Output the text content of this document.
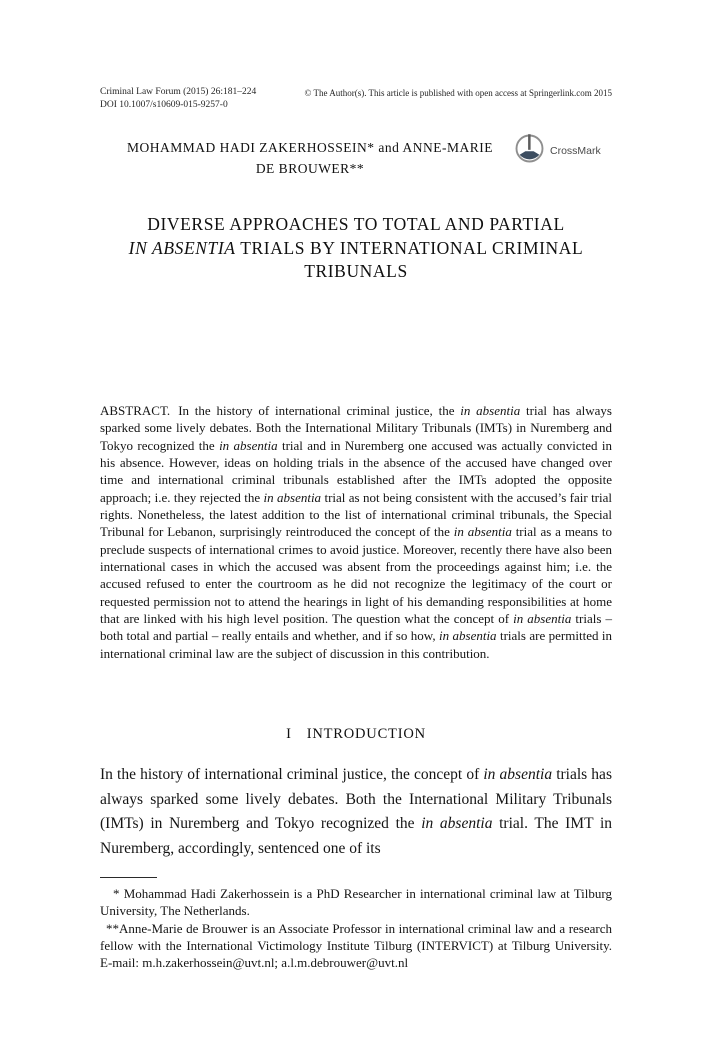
Criminal Law Forum (2015) 26:181–224
DOI 10.1007/s10609-015-9257-0
© The Author(s). This article is published with open access at Springerlink.com 2015
MOHAMMAD HADI ZAKERHOSSEIN* and ANNE-MARIE
DE BROUWER**
CrossMark
DIVERSE APPROACHES TO TOTAL AND PARTIAL
IN ABSENTIA TRIALS BY INTERNATIONAL CRIMINAL
TRIBUNALS

ABSTRACT. In the history of international criminal justice, the in absentia trial has always sparked some lively debates. Both the International Military Tribunals (IMTs) in Nuremberg and Tokyo recognized the in absentia trial and in Nuremberg one accused was actually convicted in his absence. However, ideas on holding trials in the absence of the accused have changed over time and international criminal tribunals established after the IMTs adopted the opposite approach; i.e. they rejected the in absentia trial as not being consistent with the accused’s fair trial rights. Nonetheless, the latest addition to the list of international criminal tribunals, the Special Tribunal for Lebanon, surprisingly reintroduced the concept of the in absentia trial as a means to preclude suspects of international crimes to avoid justice. Moreover, recently there have also been international cases in which the accused was absent from the proceedings against him; i.e. the accused refused to enter the courtroom as he did not recognize the legitimacy of the court or requested permission not to attend the hearings in light of his demanding responsibilities at home that are linked with his high level position. The question what the concept of in absentia trials – both total and partial – really entails and whether, and if so how, in absentia trials are permitted in international criminal law are the subject of discussion in this contribution.

I INTRODUCTION

In the history of international criminal justice, the concept of in absentia trials has always sparked some lively debates. Both the International Military Tribunals (IMTs) in Nuremberg and Tokyo recognized the in absentia trial. The IMT in Nuremberg, accordingly, sentenced one of its

* Mohammad Hadi Zakerhossein is a PhD Researcher in international criminal law at Tilburg University, The Netherlands.

**Anne-Marie de Brouwer is an Associate Professor in international criminal law and a research fellow with the International Victimology Institute Tilburg (INTERVICT) at Tilburg University. E-mail: m.h.zakerhossein@uvt.nl; a.l.m.debrouwer@uvt.nl
